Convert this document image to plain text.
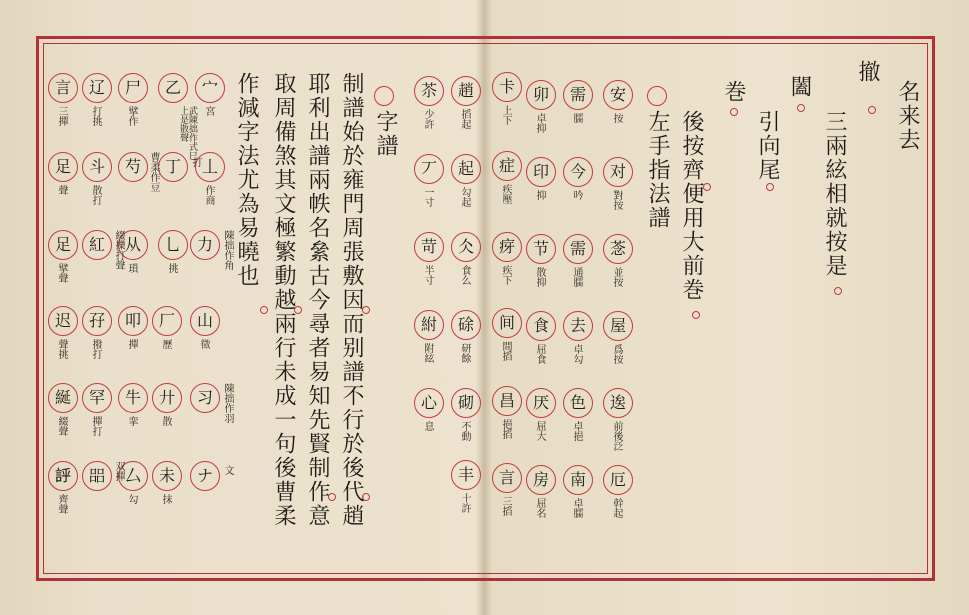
名来去
撤
三兩絃相就按是
闔
引向尾
巻
後按齊便用大前巻
左手指法譜
安
按
对
對按
菍
並按
屋
爲按
逘
前後泛
厄
幹起
需
臑
今
吟
需
通臑
去
卓勾
色
卓挹
南
卓臑
卯
卓抑
印
抑
节
散抑
食
屈食
厌
屈大
房
屈名
卡
上下
症
疾壓
疨
疾下
间
間搯
昌
挹搯
言
三搯
趙
搯起
起
勾起
仌
食么
硢
研餘
砌
不動
丰
十許
苶
少許
丆
一寸
苛
半寸
紨
附絃
心
息
字譜
制譜始於雍門周張敷因而别譜不行於後代趙
耶利出譜兩帙名絫古今尋者易知先賢制作意
取周備煞其文極繁動越兩行未成一句後曹柔
作減字法尤為易曉也
宀
宮
丄
作商
力 陳拙作角
山
徵
习 陳拙作羽
ナ 文
乙
武陳拙作式巳上是散聲
丁 打
乚
挑
厂
歷
廾
散
未
抹
尸
擘作
芍 曹柔作豆
从
瑣
叩
撣
牛
挛
厶
勾
辽
打挑
斗
散打
紅 綴擽打聲
孖
撥打
罕
撣打
㗊 双撣
言
三撣
足
聲
足
擘聲
迟
聲挑
綖
綴聲
𧦝
齊聲
